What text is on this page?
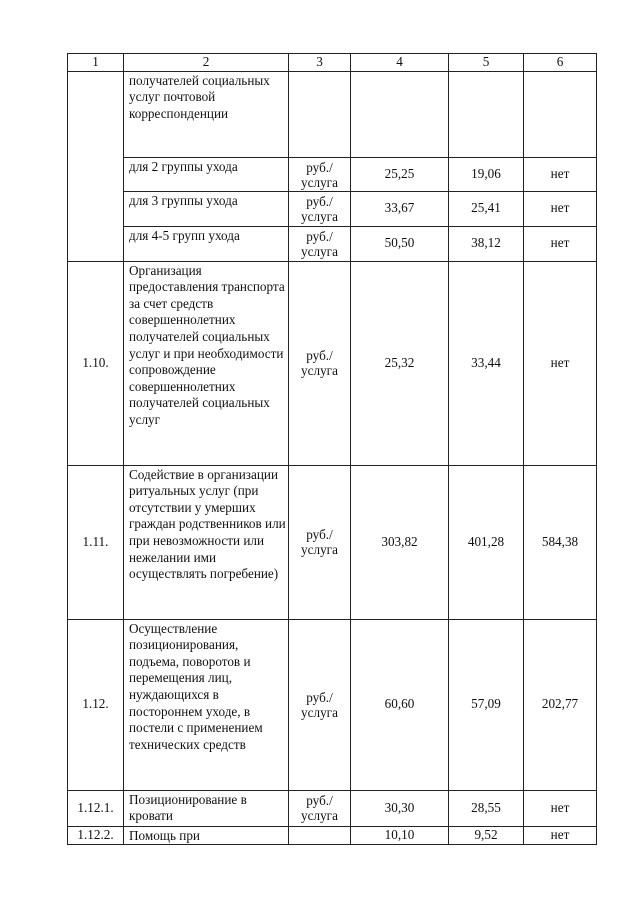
1	2	3	4	5	6
	получателей социальных услуг почтовой корреспонденции				
	для 2 группы ухода	руб./ услуга	25,25	19,06	нет
	для 3 группы ухода	руб./ услуга	33,67	25,41	нет
	для 4-5 групп ухода	руб./ услуга	50,50	38,12	нет
1.10.	Организация предоставления транспорта за счет средств совершеннолетних получателей социальных услуг и при необходимости сопровождение совершеннолетних получателей социальных услуг	руб./ услуга	25,32	33,44	нет
1.11.	Содействие в организации ритуальных услуг (при отсутствии у умерших граждан родственников или при невозможности или нежелании ими осуществлять погребение)	руб./ услуга	303,82	401,28	584,38
1.12.	Осуществление позиционирования, подъема, поворотов и перемещения лиц, нуждающихся в постороннем уходе, в постели с применением технических средств	руб./ услуга	60,60	57,09	202,77
1.12.1.	Позиционирование в кровати	руб./ услуга	30,30	28,55	нет
1.12.2.	Помощь при		10,10	9,52	нет
